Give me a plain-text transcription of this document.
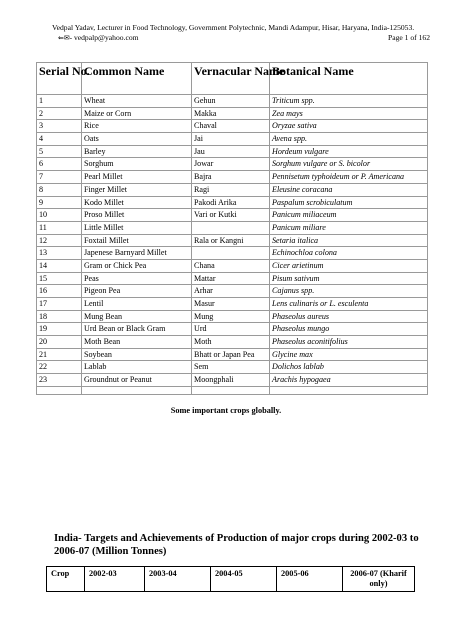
Vedpal Yadav, Lecturer in Food Technology, Government Polytechnic, Mandi Adampur, Hisar, Haryana, India-125053.
⇐✉- vedpalp@yahoo.com	Page 1 of 162
Serial No.	Common Name	Vernacular Name	Botanical Name
1	Wheat	Gehun	Triticum spp.
2	Maize or Corn	Makka	Zea mays
3	Rice	Chaval	Oryzae sativa
4	Oats	Jai	Avena spp.
5	Barley	Jau	Hordeum vulgare
6	Sorghum	Jowar	Sorghum vulgare or S. bicolor
7	Pearl Millet	Bajra	Pennisetum typhoideum or P. Americana
8	Finger Millet	Ragi	Eleusine coracana
9	Kodo Millet	Pakodi Arika	Paspalum scrobiculatum
10	Proso Millet	Vari or Kutki	Panicum miliaceum
11	Little Millet		Panicum miliare
12	Foxtail Millet	Rala or Kangni	Setaria italica
13	Japenese Barnyard Millet		Echinochloa colona
14	Gram or Chick Pea	Chana	Cicer arietinum
15	Peas	Mattar	Pisum sativum
16	Pigeon Pea	Arhar	Cajanus spp.
17	Lentil	Masur	Lens culinaris or L. esculenta
18	Mung Bean	Mung	Phaseolus aureus
19	Urd Bean or Black Gram	Urd	Phaseolus mungo
20	Moth Bean	Moth	Phaseolus aconitifolius
21	Soybean	Bhatt or Japan Pea	Glycine max
22	Lablab	Sem	Dolichos lablab
23	Groundnut or Peanut	Moongphali	Arachis hypogaea

Some important crops globally.
India- Targets and Achievements of Production of major crops during 2002-03 to 2006-07 (Million Tonnes)
Crop	2002-03	2003-04	2004-05	2005-06	2006-07 (Kharif only)
